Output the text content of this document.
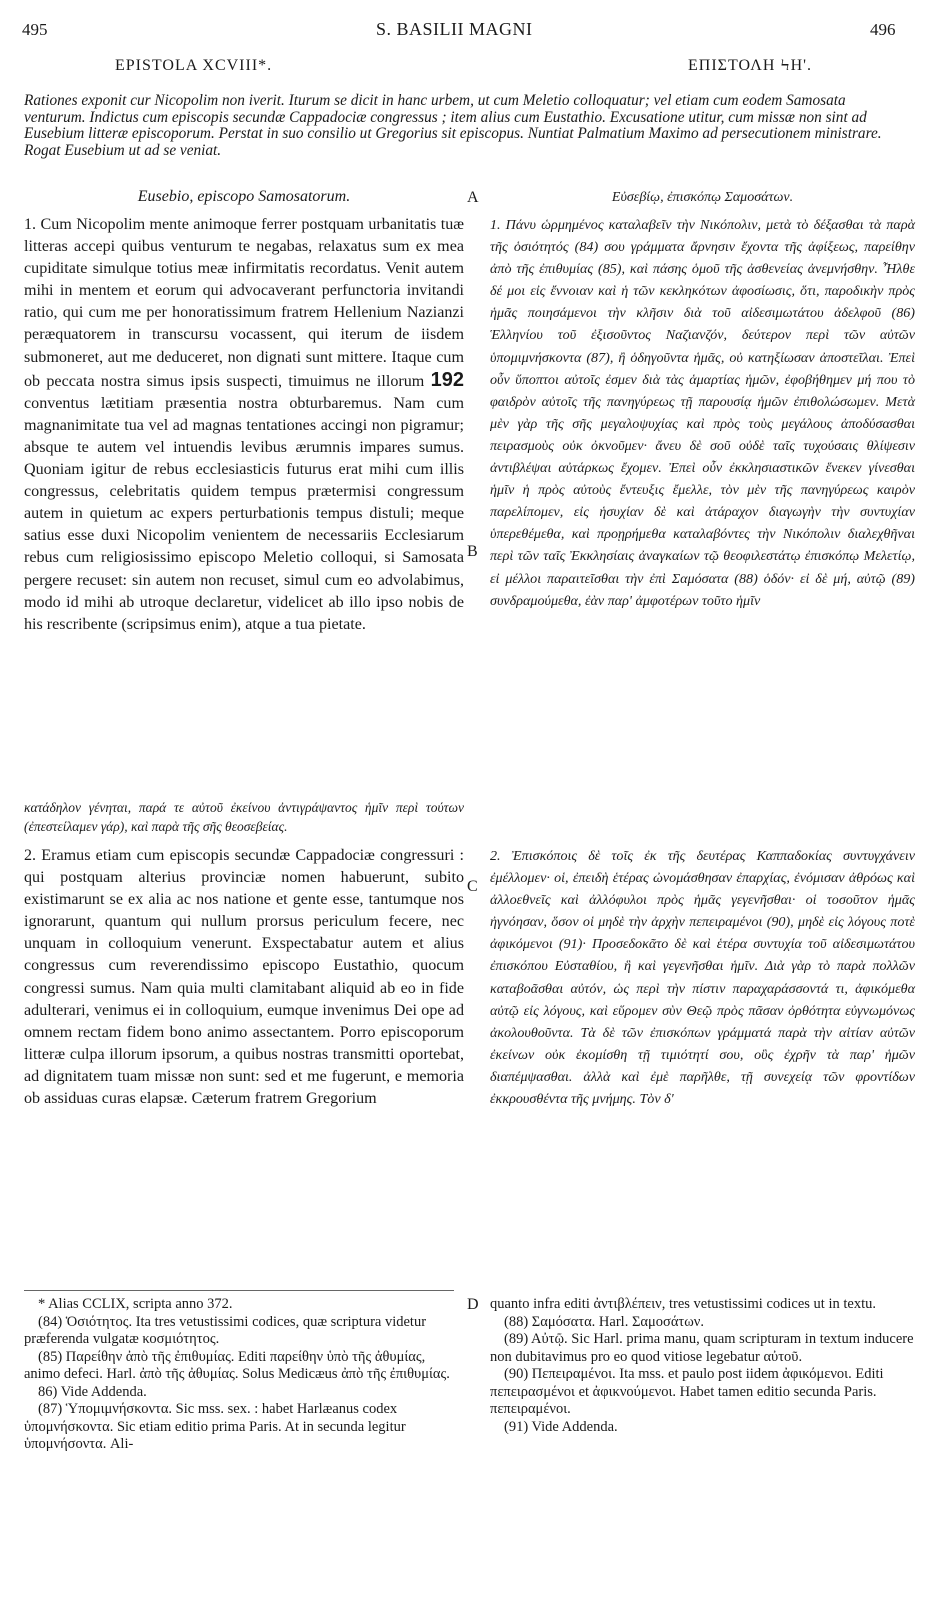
495	S. BASILII MAGNI	496
EPISTOLA XCVIII*.	ΕΠΙΣΤΟΛΗ ϞΗ'.

Rationes exponit cur Nicopolim non iverit. Iturum se dicit in hanc urbem, ut cum Meletio colloquatur; vel etiam cum eodem Samosata venturum. Indictus cum episcopis secundæ Cappadociæ congressus ; item alius cum Eustathio. Excusatione utitur, cum missæ non sint ad Eusebium litteræ episcoporum. Perstat in suo consilio ut Gregorius sit episcopus. Nuntiat Palmatium Maximo ad persecutionem ministrare. Rogat Eusebium ut ad se veniat.

Eusebio, episcopo Samosatorum.	Εὐσεβίῳ, ἐπισκόπῳ Σαμοσάτων.
A
B
C
D

1. Cum Nicopolim mente animoque ferrer postquam urbanitatis tuæ litteras accepi quibus venturum te negabas, relaxatus sum ex mea cupiditate simulque totius meæ infirmitatis recordatus. Venit autem mihi in mentem et eorum qui advocaverant perfunctoria invitandi ratio, qui cum me per honoratissimum fratrem Hellenium Nazianzi peræquatorem in transcursu vocassent, qui iterum de iisdem submoneret, aut me deduceret, non dignati sunt mittere. Itaque cum ob peccata nostra simus ipsis suspecti, timuimus ne illorum 192 conventus lætitiam præsentia nostra obturbaremus. Nam cum magnanimitate tua vel ad magnas tentationes accingi non pigramur; absque te autem vel intuendis levibus ærumnis impares sumus. Quoniam igitur de rebus ecclesiasticis futurus erat mihi cum illis congressus, celebritatis quidem tempus prætermisi congressum autem in quietum ac expers perturbationis tempus distuli; meque satius esse duxi Nicopolim venientem de necessariis Ecclesiarum rebus cum religiosissimo episcopo Meletio colloqui, si Samosata pergere recuset: sin autem non recuset, simul cum eo advolabimus, modo id mihi ab utroque declaretur, videlicet ab illo ipso nobis de his rescribente (scripsimus enim), atque a tua pietate.

κατάδηλον γένηται, παρά τε αὐτοῦ ἐκείνου ἀντιγράψαντος ἡμῖν περὶ τούτων (ἐπεστείλαμεν γάρ), καὶ παρὰ τῆς σῆς θεοσεβείας.

2. Eramus etiam cum episcopis secundæ Cappadociæ congressuri : qui postquam alterius provinciæ nomen habuerunt, subito existimarunt se ex alia ac nos natione et gente esse, tantumque nos ignorarunt, quantum qui nullum prorsus periculum fecere, nec unquam in colloquium venerunt. Exspectabatur autem et alius congressus cum reverendissimo episcopo Eustathio, quocum congressi sumus. Nam quia multi clamitabant aliquid ab eo in fide adulterari, venimus ei in colloquium, eumque invenimus Dei ope ad omnem rectam fidem bono animo assectantem. Porro episcoporum litteræ culpa illorum ipsorum, a quibus nostras transmitti oportebat, ad dignitatem tuam missæ non sunt: sed et me fugerunt, e memoria ob assiduas curas elapsæ. Cæterum fratrem Gregorium

1. Πάνυ ὡρμημένος καταλαβεῖν τὴν Νικόπολιν, μετὰ τὸ δέξασθαι τὰ παρὰ τῆς ὁσιότητός (84) σου γράμματα ἄρνησιν ἔχοντα τῆς ἀφίξεως, παρείθην ἀπὸ τῆς ἐπιθυμίας (85), καὶ πάσης ὁμοῦ τῆς ἀσθενείας ἀνεμνήσθην. Ἦλθε δέ μοι εἰς ἔννοιαν καὶ ἡ τῶν κεκληκότων ἀφοσίωσις, ὅτι, παροδικὴν πρὸς ἡμᾶς ποιησάμενοι τὴν κλῆσιν διὰ τοῦ αἰδεσιμωτάτου ἀδελφοῦ (86) Ἑλληνίου τοῦ ἐξισοῦντος Ναζιανζόν, δεύτερον περὶ τῶν αὐτῶν ὑπομιμνήσκοντα (87), ἢ ὁδηγοῦντα ἡμᾶς, οὐ κατηξίωσαν ἀποστεῖλαι. Ἐπεὶ οὖν ὕποπτοι αὐτοῖς ἐσμεν διὰ τὰς ἁμαρτίας ἡμῶν, ἐφοβήθημεν μή που τὸ φαιδρὸν αὐτοῖς τῆς πανηγύρεως τῇ παρουσίᾳ ἡμῶν ἐπιθολώσωμεν. Μετὰ μὲν γὰρ τῆς σῆς μεγαλοψυχίας καὶ πρὸς τοὺς μεγάλους ἀποδύσασθαι πειρασμοὺς οὐκ ὀκνοῦμεν· ἄνευ δὲ σοῦ οὐδὲ ταῖς τυχούσαις θλίψεσιν ἀντιβλέψαι αὐτάρκως ἔχομεν. Ἐπεὶ οὖν ἐκκλησιαστικῶν ἕνεκεν γίνεσθαι ἡμῖν ἡ πρὸς αὐτοὺς ἔντευξις ἔμελλε, τὸν μὲν τῆς πανηγύρεως καιρὸν παρελίπομεν, εἰς ἡσυχίαν δὲ καὶ ἀτάραχον διαγωγὴν τὴν συντυχίαν ὑπερεθέμεθα, καὶ προῃρήμεθα καταλαβόντες τὴν Νικόπολιν διαλεχθῆναι περὶ τῶν ταῖς Ἐκκλησίαις ἀναγκαίων τῷ θεοφιλεστάτῳ ἐπισκόπῳ Μελετίῳ, εἰ μέλλοι παραιτεῖσθαι τὴν ἐπὶ Σαμόσατα (88) ὁδόν· εἰ δὲ μή, αὐτῷ (89) συνδραμούμεθα, ἐὰν παρ' ἀμφοτέρων τοῦτο ἡμῖν

2. Ἐπισκόποις δὲ τοῖς ἐκ τῆς δευτέρας Καππαδοκίας συντυγχάνειν ἐμέλλομεν· οἱ, ἐπειδὴ ἑτέρας ὠνομάσθησαν ἐπαρχίας, ἐνόμισαν ἀθρόως καὶ ἀλλοεθνεῖς καὶ ἀλλόφυλοι πρὸς ἡμᾶς γεγενῆσθαι· οἱ τοσοῦτον ἡμᾶς ἠγνόησαν, ὅσον οἱ μηδὲ τὴν ἀρχὴν πεπειραμένοι (90), μηδὲ εἰς λόγους ποτὲ ἀφικόμενοι (91)· Προσεδοκᾶτο δὲ καὶ ἑτέρα συντυχία τοῦ αἰδεσιμωτάτου ἐπισκόπου Εὐσταθίου, ἣ καὶ γεγενῆσθαι ἡμῖν. Διὰ γὰρ τὸ παρὰ πολλῶν καταβοᾶσθαι αὐτόν, ὡς περὶ τὴν πίστιν παραχαράσσοντά τι, ἀφικόμεθα αὐτῷ εἰς λόγους, καὶ εὕρομεν σὺν Θεῷ πρὸς πᾶσαν ὀρθότητα εὐγνωμόνως ἀκολουθοῦντα. Τὰ δὲ τῶν ἐπισκόπων γράμματά παρὰ τὴν αἰτίαν αὐτῶν ἐκείνων οὐκ ἐκομίσθη τῇ τιμιότητί σου, οὓς ἐχρῆν τὰ παρ' ἡμῶν διαπέμψασθαι. ἀλλὰ καὶ ἐμὲ παρῆλθε, τῇ συνεχείᾳ τῶν φροντίδων ἐκκρουσθέντα τῆς μνήμης. Τὸν δ'

* Alias CCLIX, scripta anno 372.

(84) Ὁσιότητος. Ita tres vetustissimi codices, quæ scriptura videtur præferenda vulgatæ κοσμιότητος.

(85) Παρείθην ἀπὸ τῆς ἐπιθυμίας. Editi παρείθην ὑπὸ τῆς ἀθυμίας, animo defeci. Harl. ἀπὸ τῆς ἀθυμίας. Solus Medicæus ἀπὸ τῆς ἐπιθυμίας.

86) Vide Addenda.

(87) Ὑπομιμνήσκοντα. Sic mss. sex. : habet Harlæanus codex ὑπομνήσκοντα. Sic etiam editio prima Paris. At in secunda legitur ὑπομνήσοντα. Ali-

quanto infra editi ἀντιβλέπειν, tres vetustissimi codices ut in textu.

(88) Σαμόσατα. Harl. Σαμοσάτων.

(89) Αὐτῷ. Sic Harl. prima manu, quam scripturam in textum inducere non dubitavimus pro eo quod vitiose legebatur αὐτοῦ.

(90) Πεπειραμένοι. Ita mss. et paulo post iidem ἀφικόμενοι. Editi πεπειρασμένοι et ἀφικνούμενοι. Habet tamen editio secunda Paris. πεπειραμένοι.

(91) Vide Addenda.
